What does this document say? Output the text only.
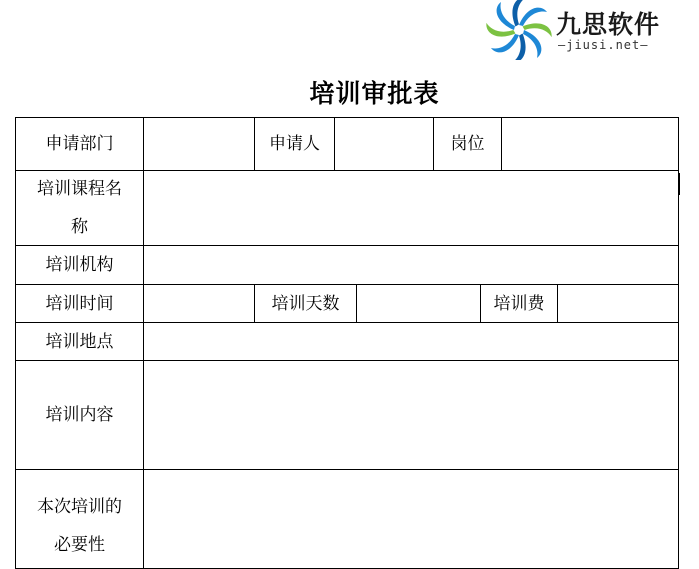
九思软件
—jiusi.net—
培训审批表
申请部门	申请人	岗位
培训课程名称
培训机构
培训时间	培训天数	培训费
培训地点
培训内容
本次培训的必要性
